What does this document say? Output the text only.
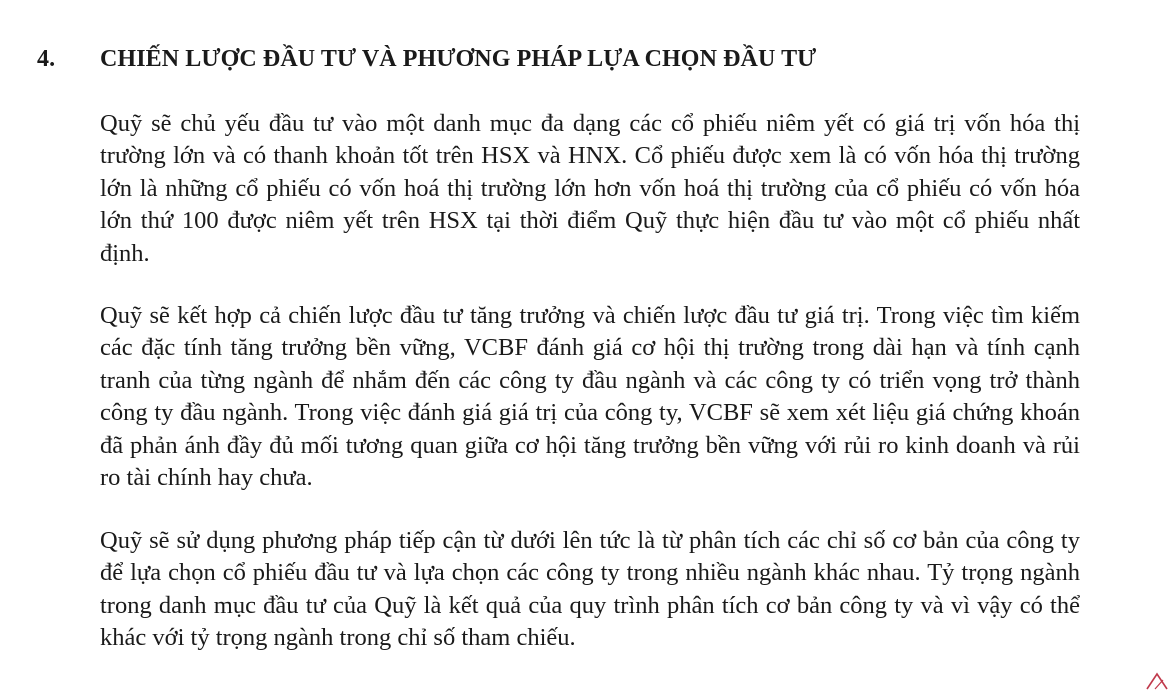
4. CHIẾN LƯỢC ĐẦU TƯ VÀ PHƯƠNG PHÁP LỰA CHỌN ĐẦU TƯ

Quỹ sẽ chủ yếu đầu tư vào một danh mục đa dạng các cổ phiếu niêm yết có giá trị vốn hóa thị trường lớn và có thanh khoản tốt trên HSX và HNX. Cổ phiếu được xem là có vốn hóa thị trường lớn là những cổ phiếu có vốn hoá thị trường lớn hơn vốn hoá thị trường của cổ phiếu có vốn hóa lớn thứ 100 được niêm yết trên HSX tại thời điểm Quỹ thực hiện đầu tư vào một cổ phiếu nhất định.

Quỹ sẽ kết hợp cả chiến lược đầu tư tăng trưởng và chiến lược đầu tư giá trị. Trong việc tìm kiếm các đặc tính tăng trưởng bền vững, VCBF đánh giá cơ hội thị trường trong dài hạn và tính cạnh tranh của từng ngành để nhắm đến các công ty đầu ngành và các công ty có triển vọng trở thành công ty đầu ngành. Trong việc đánh giá giá trị của công ty, VCBF sẽ xem xét liệu giá chứng khoán đã phản ánh đầy đủ mối tương quan giữa cơ hội tăng trưởng bền vững với rủi ro kinh doanh và rủi ro tài chính hay chưa.

Quỹ sẽ sử dụng phương pháp tiếp cận từ dưới lên tức là từ phân tích các chỉ số cơ bản của công ty để lựa chọn cổ phiếu đầu tư và lựa chọn các công ty trong nhiều ngành khác nhau. Tỷ trọng ngành trong danh mục đầu tư của Quỹ là kết quả của quy trình phân tích cơ bản công ty và vì vậy có thể khác với tỷ trọng ngành trong chỉ số tham chiếu.
